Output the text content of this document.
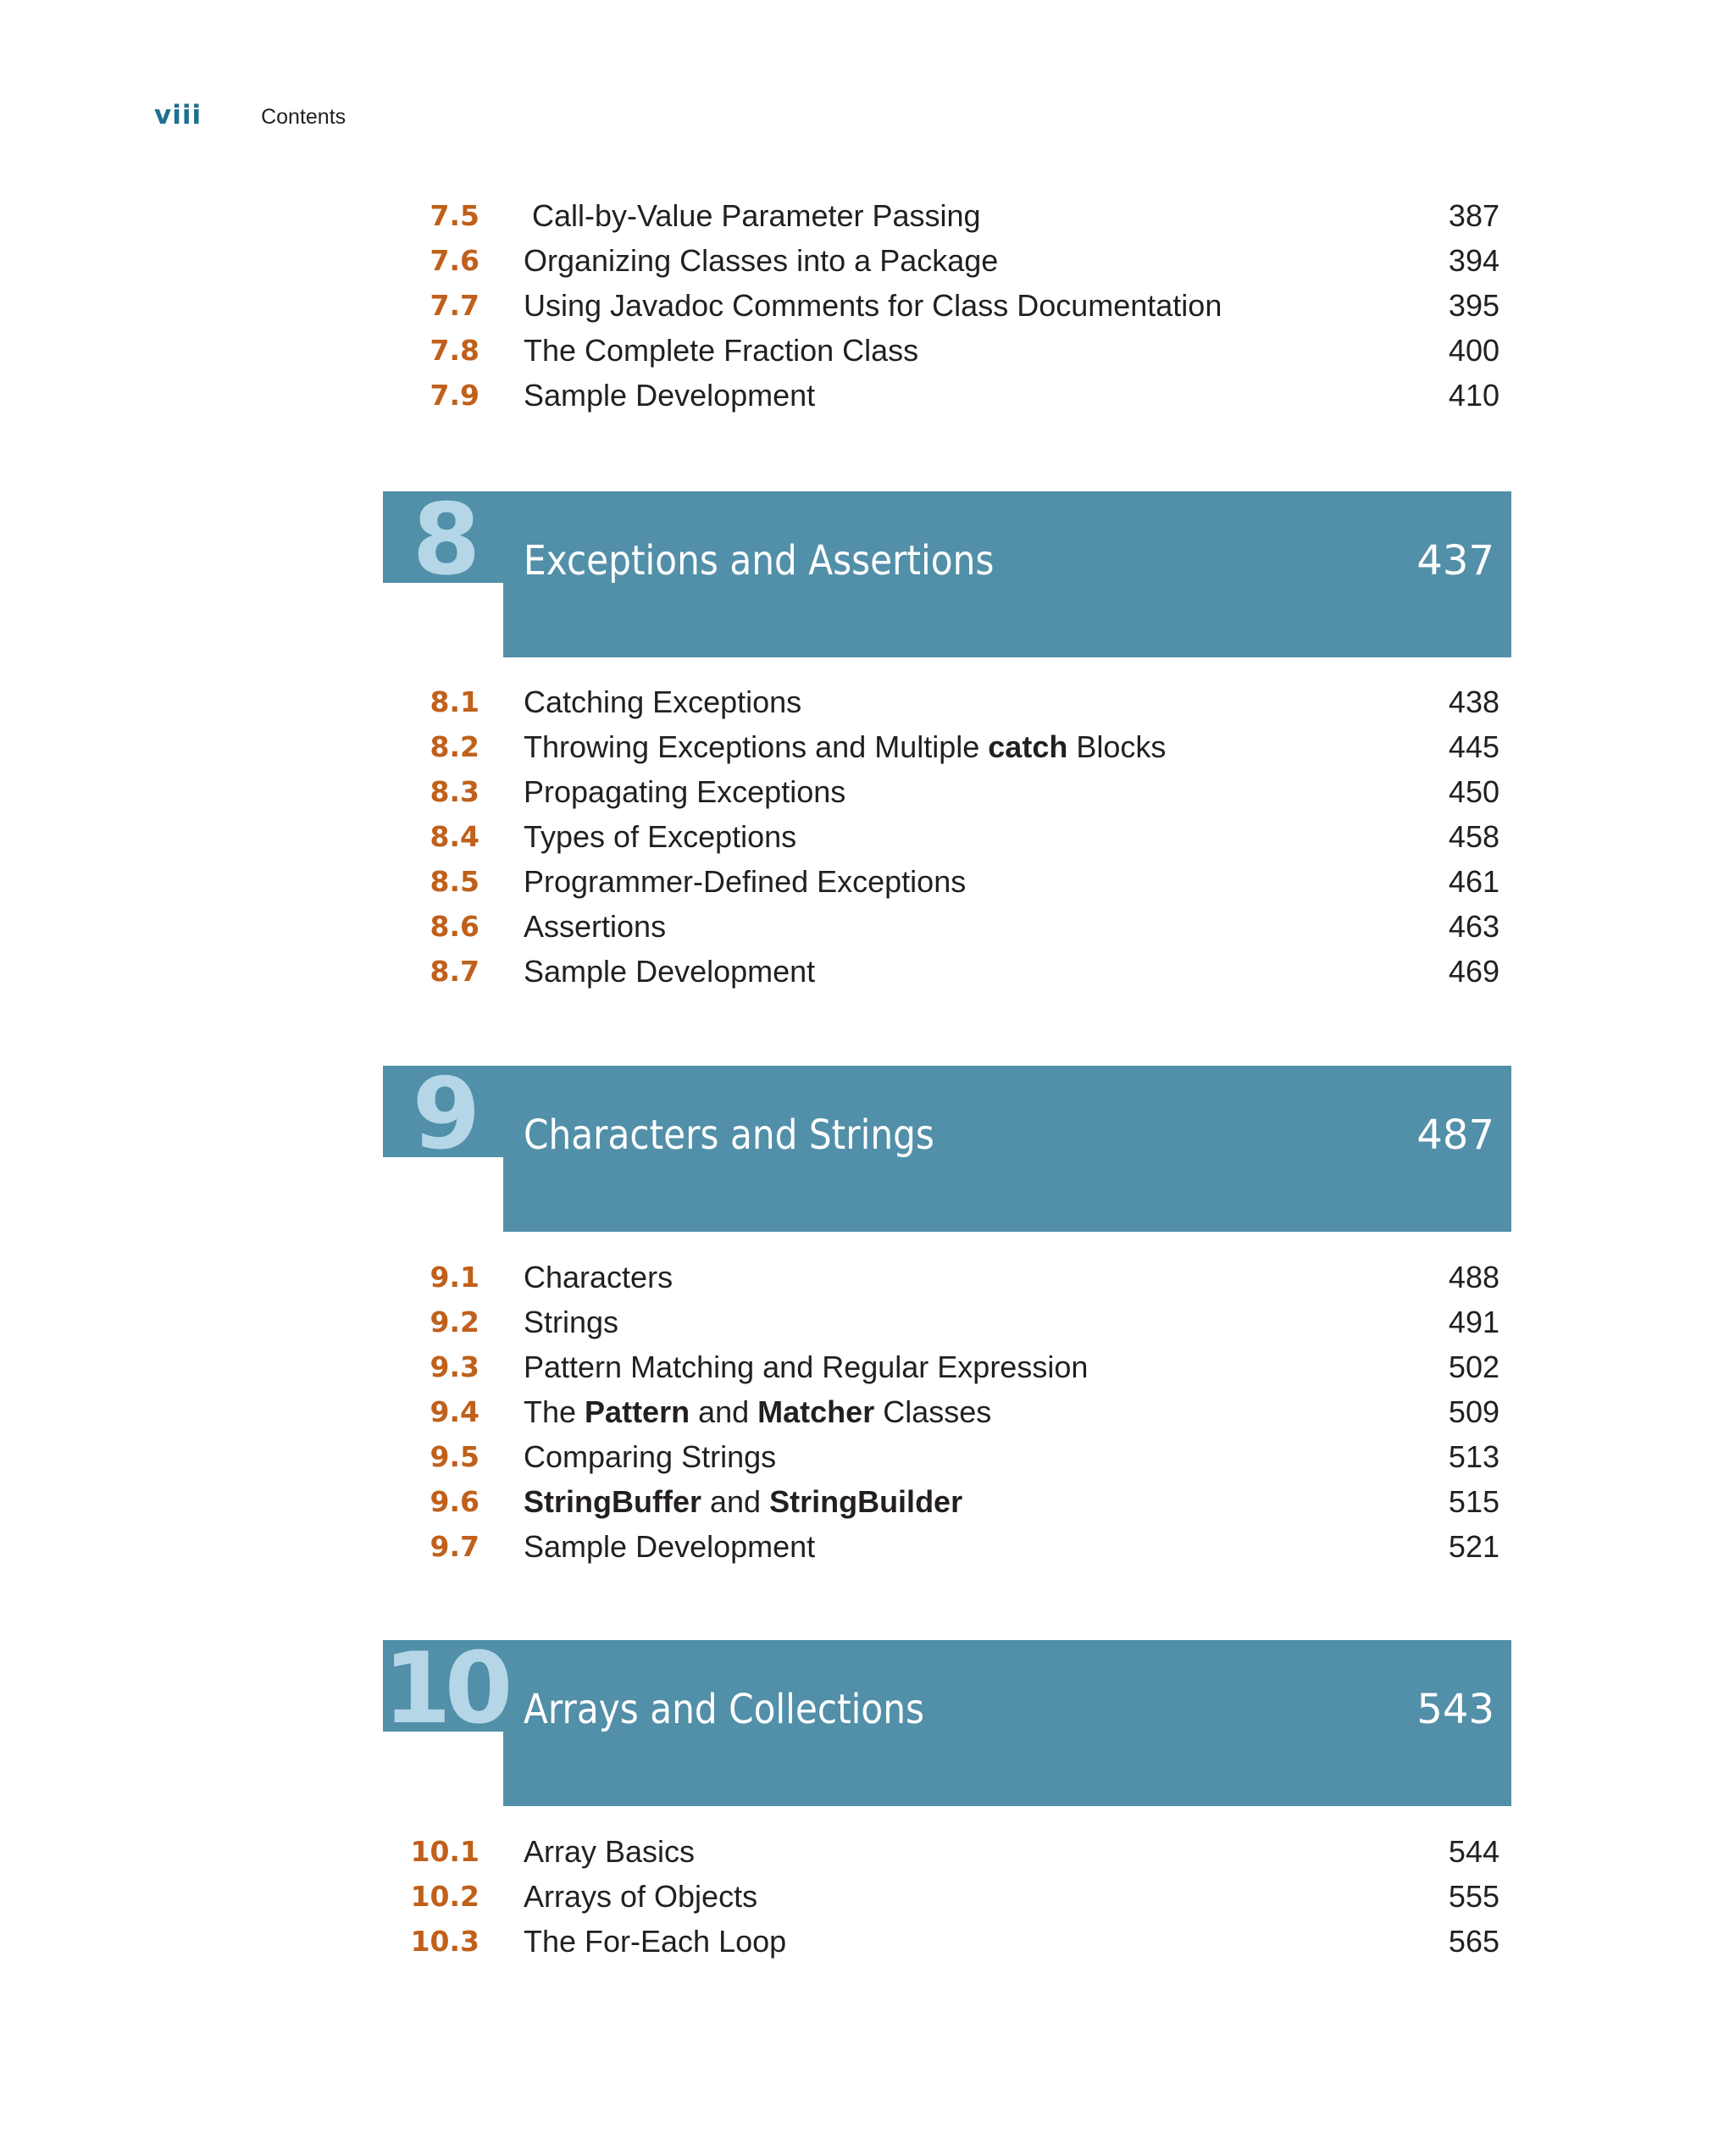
viii	Contents
7.5 Call-by-Value Parameter Passing	387
7.6 Organizing Classes into a Package	394
7.7 Using Javadoc Comments for Class Documentation	395
7.8 The Complete Fraction Class	400
7.9 Sample Development	410
8	Exceptions and Assertions	437
8.1 Catching Exceptions	438
8.2 Throwing Exceptions and Multiple catch Blocks	445
8.3 Propagating Exceptions	450
8.4 Types of Exceptions	458
8.5 Programmer-Defined Exceptions	461
8.6 Assertions	463
8.7 Sample Development	469
9	Characters and Strings	487
9.1 Characters	488
9.2 Strings	491
9.3 Pattern Matching and Regular Expression	502
9.4 The Pattern and Matcher Classes	509
9.5 Comparing Strings	513
9.6 StringBuffer and StringBuilder	515
9.7 Sample Development	521
10 Arrays and Collections	543
10.1 Array Basics	544
10.2 Arrays of Objects	555
10.3 The For-Each Loop	565
